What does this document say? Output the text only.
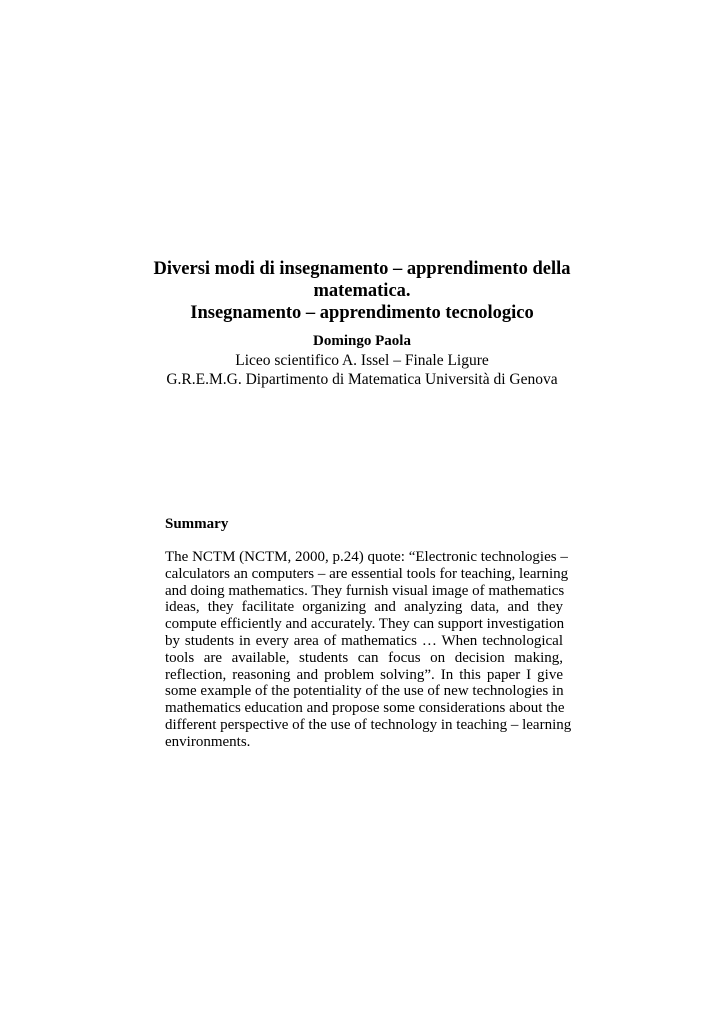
Diversi modi di insegnamento – apprendimento della
matematica.
Insegnamento – apprendimento tecnologico
Domingo Paola
Liceo scientifico A. Issel – Finale Ligure
G.R.E.M.G. Dipartimento di Matematica Università di Genova
Summary
The NCTM (NCTM, 2000, p.24) quote: “Electronic technologies –
calculators an computers – are essential tools for teaching, learning
and doing mathematics. They furnish visual image of mathematics
ideas, they facilitate organizing and analyzing data, and they
compute efficiently and accurately. They can support investigation
by students in every area of mathematics … When technological
tools are available, students can focus on decision making,
reflection, reasoning and problem solving”. In this paper I give
some example of the potentiality of the use of new technologies in
mathematics education and propose some considerations about the
different perspective of the use of technology in teaching – learning
environments.
